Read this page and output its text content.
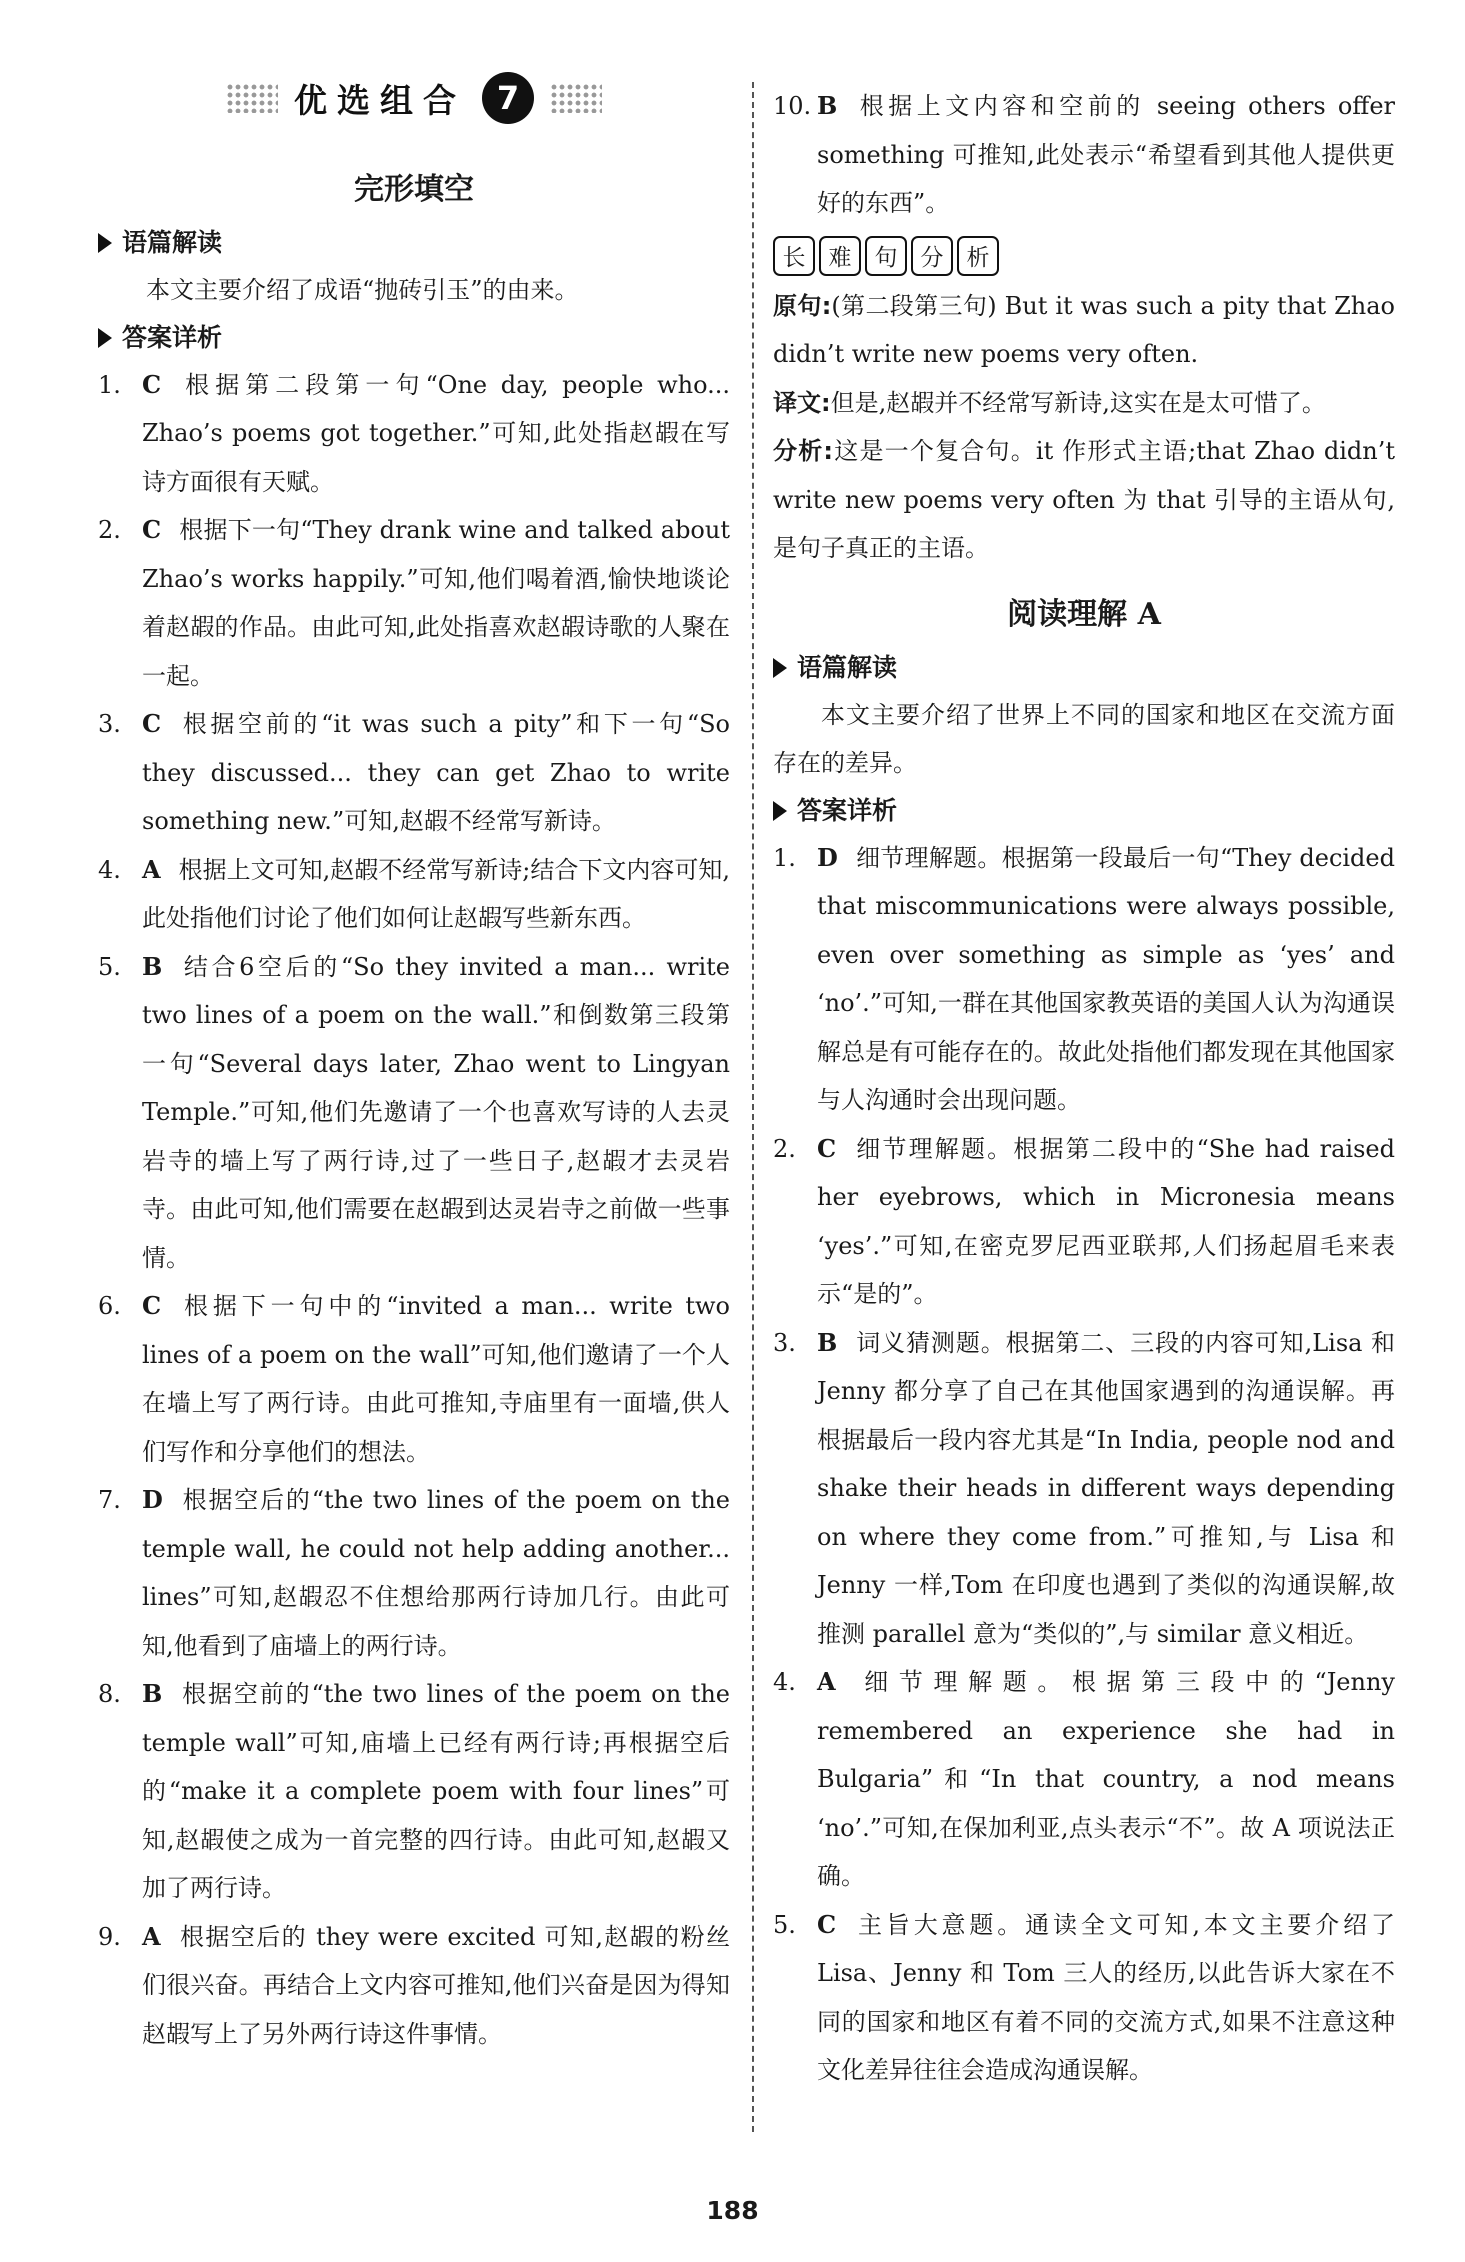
优选组合 7
完形填空
语篇解读

本文主要介绍了成语“抛砖引玉”的由来。

答案详析
1. C 根据第二段第一句“One day, people who... Zhao’s poems got together.”可知,此处指赵嘏在写诗方面很有天赋。
2. C 根据下一句“They drank wine and talked about Zhao’s works happily.”可知,他们喝着酒,愉快地谈论着赵嘏的作品。由此可知,此处指喜欢赵嘏诗歌的人聚在一起。
3. C 根据空前的“it was such a pity”和下一句“So they discussed... they can get Zhao to write something new.”可知,赵嘏不经常写新诗。
4. A 根据上文可知,赵嘏不经常写新诗;结合下文内容可知,此处指他们讨论了他们如何让赵嘏写些新东西。
5. B 结合6空后的“So they invited a man... write two lines of a poem on the wall.”和倒数第三段第一句“Several days later, Zhao went to Lingyan Temple.”可知,他们先邀请了一个也喜欢写诗的人去灵岩寺的墙上写了两行诗,过了一些日子,赵嘏才去灵岩寺。由此可知,他们需要在赵嘏到达灵岩寺之前做一些事情。
6. C 根据下一句中的“invited a man... write two lines of a poem on the wall”可知,他们邀请了一个人在墙上写了两行诗。由此可推知,寺庙里有一面墙,供人们写作和分享他们的想法。
7. D 根据空后的“the two lines of the poem on the temple wall, he could not help adding another... lines”可知,赵嘏忍不住想给那两行诗加几行。由此可知,他看到了庙墙上的两行诗。
8. B 根据空前的“the two lines of the poem on the temple wall”可知,庙墙上已经有两行诗;再根据空后的“make it a complete poem with four lines”可知,赵嘏使之成为一首完整的四行诗。由此可知,赵嘏又加了两行诗。
9. A 根据空后的 they were excited 可知,赵嘏的粉丝们很兴奋。再结合上文内容可推知,他们兴奋是因为得知赵嘏写上了另外两行诗这件事情。
10. B 根据上文内容和空前的 seeing others offer something 可推知,此处表示“希望看到其他人提供更好的东西”。
长	难	句	分	析

原句:(第二段第三句) But it was such a pity that Zhao didn’t write new poems very often.

译文:但是,赵嘏并不经常写新诗,这实在是太可惜了。

分析:这是一个复合句。it 作形式主语;that Zhao didn’t write new poems very often 为 that 引导的主语从句,是句子真正的主语。

阅读理解 A
语篇解读

本文主要介绍了世界上不同的国家和地区在交流方面存在的差异。

答案详析
1. D 细节理解题。根据第一段最后一句“They decided that miscommunications were always possible, even over something as simple as ‘yes’ and ‘no’.”可知,一群在其他国家教英语的美国人认为沟通误解总是有可能存在的。故此处指他们都发现在其他国家与人沟通时会出现问题。
2. C 细节理解题。根据第二段中的“She had raised her eyebrows, which in Micronesia means ‘yes’.”可知,在密克罗尼西亚联邦,人们扬起眉毛来表示“是的”。
3. B 词义猜测题。根据第二、三段的内容可知,Lisa 和 Jenny 都分享了自己在其他国家遇到的沟通误解。再根据最后一段内容尤其是“In India, people nod and shake their heads in different ways depending on where they come from.”可推知,与 Lisa 和 Jenny 一样,Tom 在印度也遇到了类似的沟通误解,故推测 parallel 意为“类似的”,与 similar 意义相近。
4. A 细节理解题。根据第三段中的“Jenny remembered an experience she had in Bulgaria”和“In that country, a nod means ‘no’.”可知,在保加利亚,点头表示“不”。故 A 项说法正确。
5. C 主旨大意题。通读全文可知,本文主要介绍了 Lisa、Jenny 和 Tom 三人的经历,以此告诉大家在不同的国家和地区有着不同的交流方式,如果不注意这种文化差异往往会造成沟通误解。
188
